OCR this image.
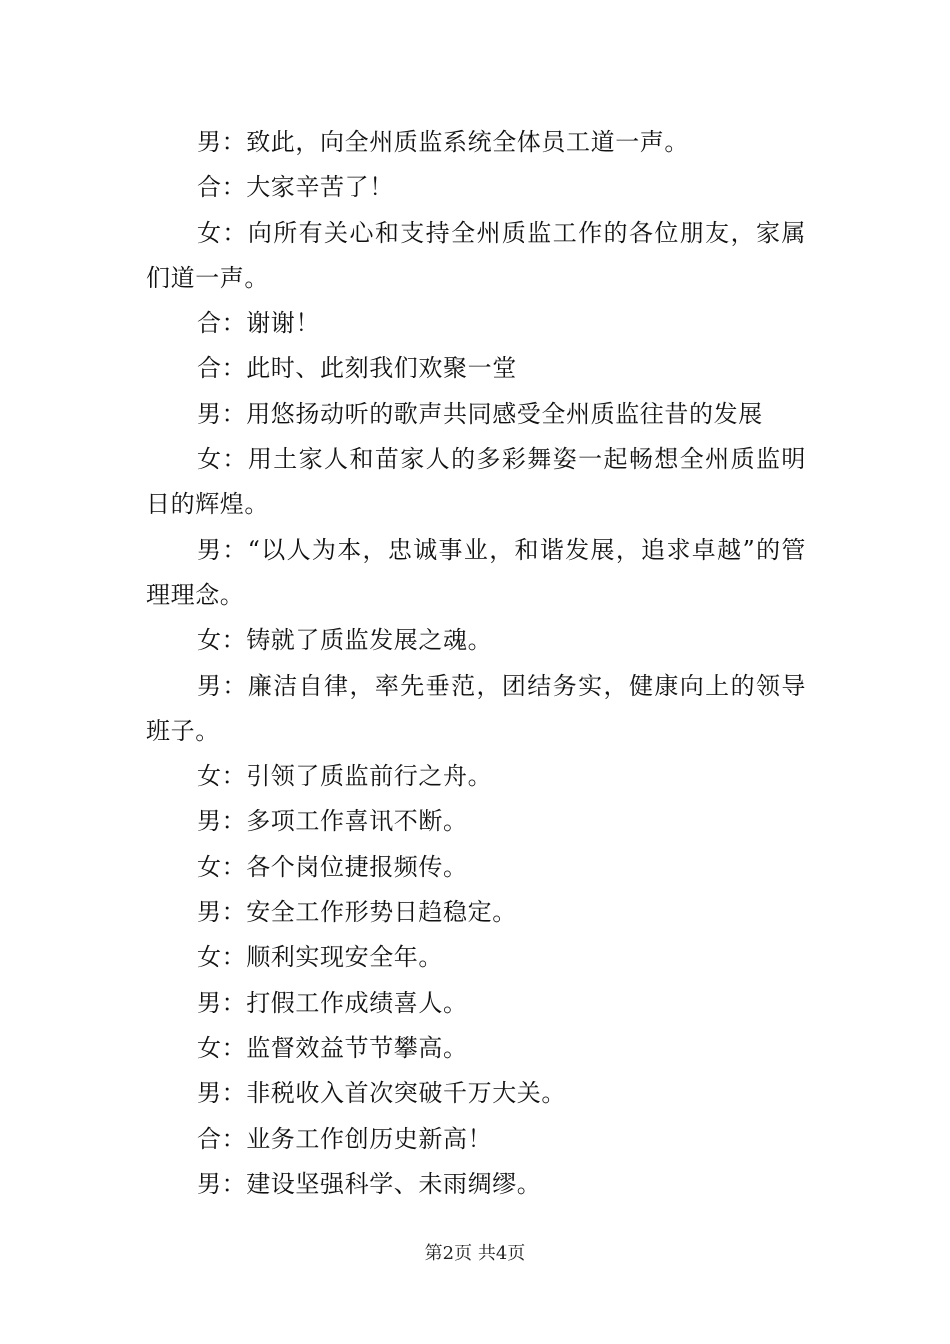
男：致此，向全州质监系统全体员工道一声。

合：大家辛苦了！

女：向所有关心和支持全州质监工作的各位朋友，家属们道一声。

合：谢谢！

合：此时、此刻我们欢聚一堂

男：用悠扬动听的歌声共同感受全州质监往昔的发展

女：用土家人和苗家人的多彩舞姿一起畅想全州质监明日的辉煌。

男：“以人为本，忠诚事业，和谐发展，追求卓越”的管理理念。

女：铸就了质监发展之魂。

男：廉洁自律，率先垂范，团结务实，健康向上的领导班子。

女：引领了质监前行之舟。

男：多项工作喜讯不断。

女：各个岗位捷报频传。

男：安全工作形势日趋稳定。

女：顺利实现安全年。

男：打假工作成绩喜人。

女：监督效益节节攀高。

男：非税收入首次突破千万大关。

合：业务工作创历史新高！

男：建设坚强科学、未雨绸缪。

第2页 共4页
